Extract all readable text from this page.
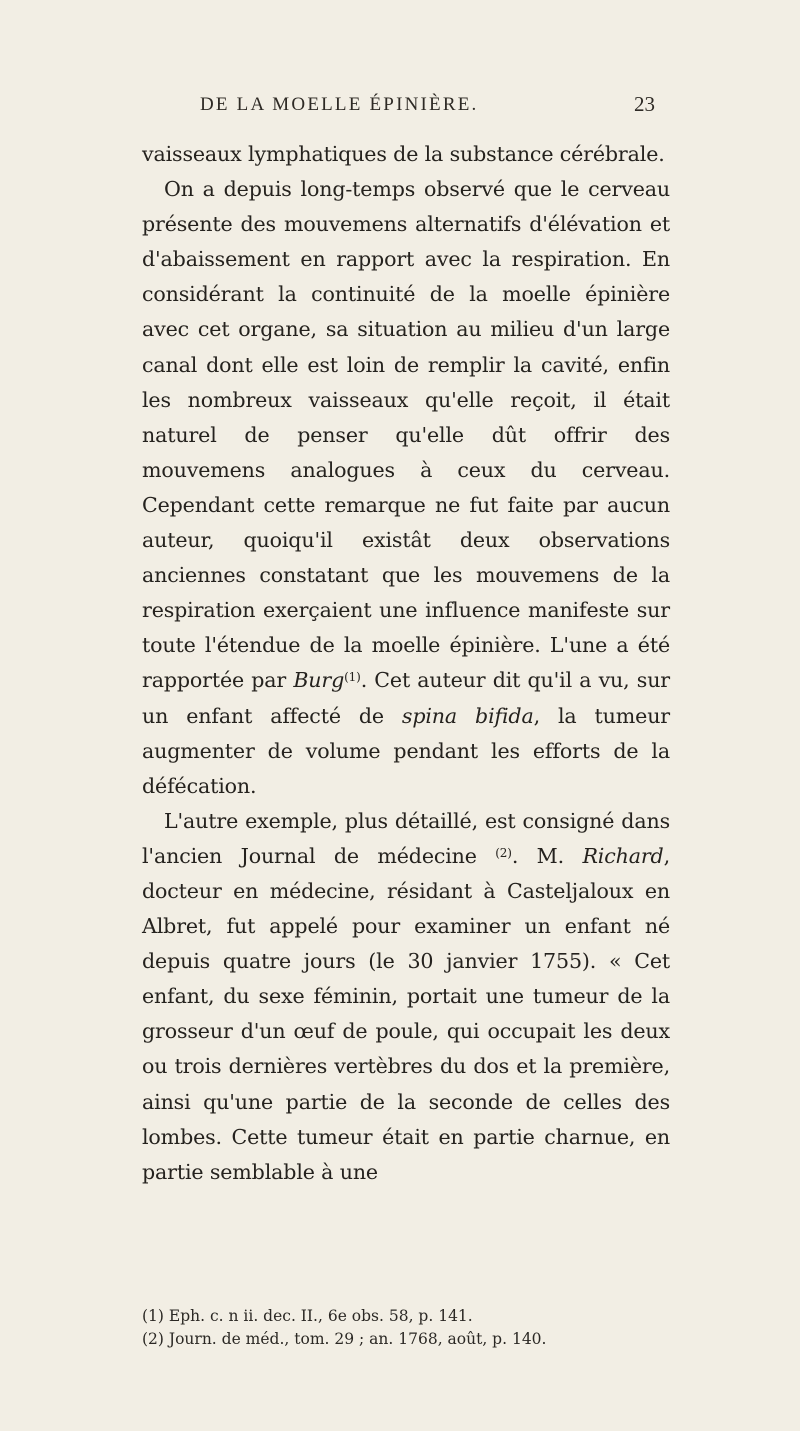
DE LA MOELLE ÉPINIÈRE.	23

vaisseaux lymphatiques de la substance cérébrale.

On a depuis long-temps observé que le cerveau présente des mouvemens alternatifs d'élévation et d'abaissement en rapport avec la respiration. En considérant la continuité de la moelle épinière avec cet organe, sa situation au milieu d'un large canal dont elle est loin de remplir la cavité, enfin les nombreux vaisseaux qu'elle reçoit, il était naturel de penser qu'elle dût offrir des mouvemens analogues à ceux du cerveau. Cependant cette remarque ne fut faite par aucun auteur, quoiqu'il existât deux observations anciennes constatant que les mouvemens de la respiration exerçaient une influence manifeste sur toute l'étendue de la moelle épinière. L'une a été rapportée par Burg$^{(1)}$. Cet auteur dit qu'il a vu, sur un enfant affecté de spina bifida, la tumeur augmenter de volume pendant les efforts de la défécation.

L'autre exemple, plus détaillé, est consigné dans l'ancien Journal de médecine $^{(2)}$. M. Richard, docteur en médecine, résidant à Casteljaloux en Albret, fut appelé pour examiner un enfant né depuis quatre jours (le 30 janvier 1755). « Cet enfant, du sexe féminin, portait une tumeur de la grosseur d'un œuf de poule, qui occupait les deux ou trois dernières vertèbres du dos et la première, ainsi qu'une partie de la seconde de celles des lombes. Cette tumeur était en partie charnue, en partie semblable à une

(1) Eph. c. n ii. dec. II., 6e obs. 58, p. 141.
(2) Journ. de méd., tom. 29 ; an. 1768, août, p. 140.
